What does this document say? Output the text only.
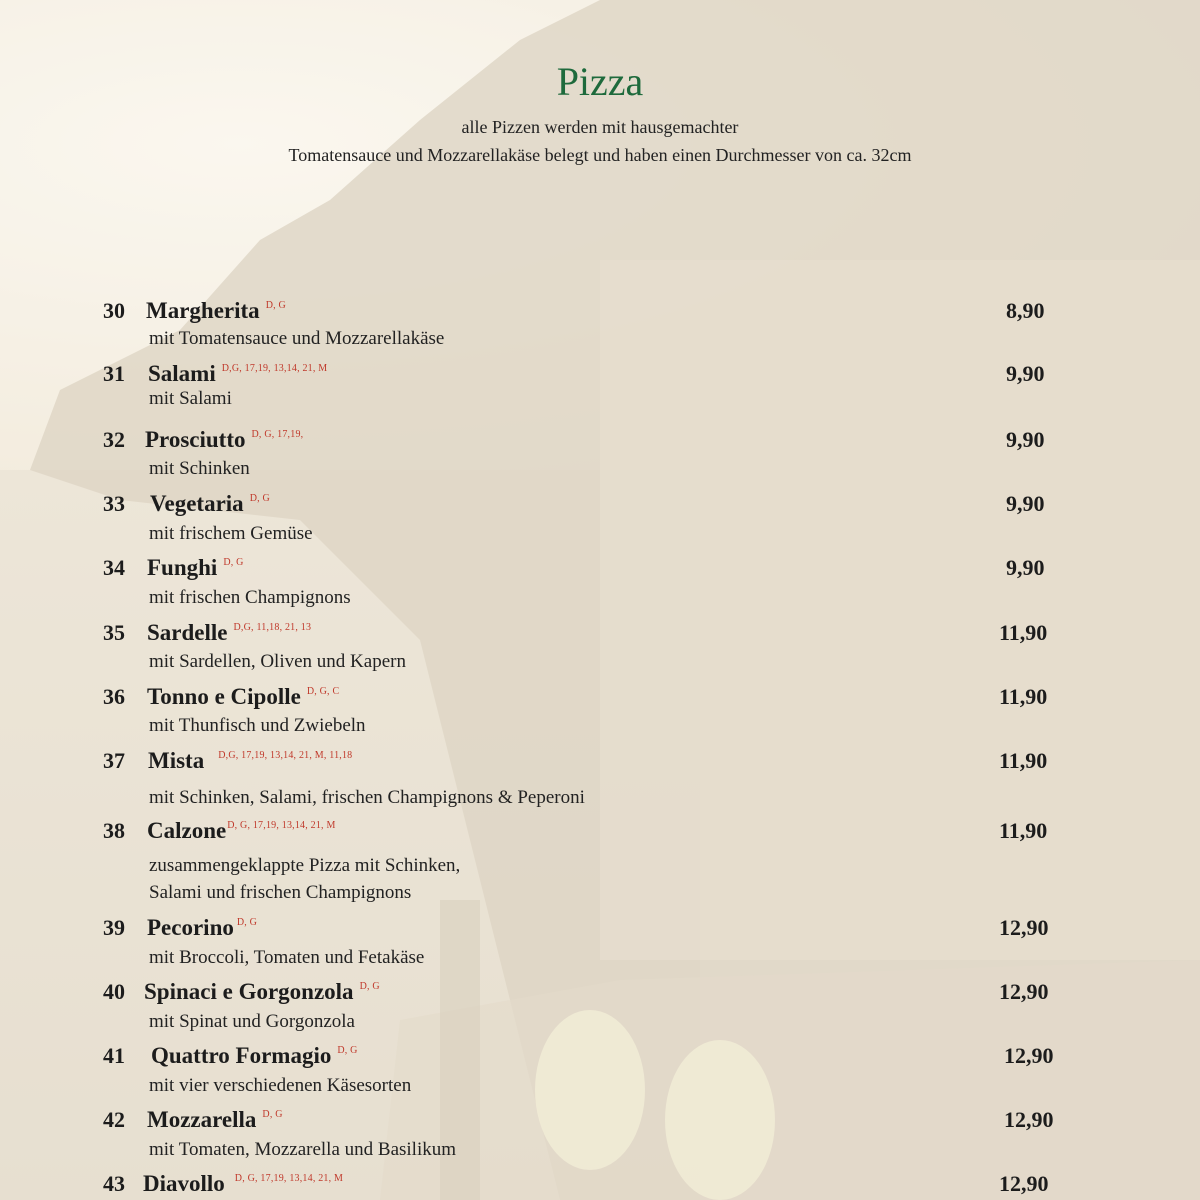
Pizza
alle Pizzen werden mit hausgemachter
Tomatensauce und Mozzarellakäse belegt und haben einen Durchmesser von ca. 32cm
30 Margherita $^{D, G}$	8,90
mit Tomatensauce und Mozzarellakäse
31 Salami $^{D,G, 17,19, 13,14, 21, M}$	9,90
mit Salami
32 Prosciutto $^{D, G, 17,19,}$	9,90
mit Schinken
33 Vegetaria $^{D, G}$	9,90
mit frischem Gemüse
34 Funghi $^{D, G}$	9,90
mit frischen Champignons
35 Sardelle $^{D,G, 11,18, 21, 13}$	11,90
mit Sardellen, Oliven und Kapern
36 Tonno e Cipolle $^{D, G, C}$	11,90
mit Thunfisch und Zwiebeln
37 Mista $^{D,G, 17,19, 13,14, 21, M, 11,18}$	11,90
mit Schinken, Salami, frischen Champignons & Peperoni
38 Calzone$^{D, G, 17,19, 13,14, 21, M}$	11,90
zusammengeklappte Pizza mit Schinken,
Salami und frischen Champignons
39 Pecorino $^{D, G}$	12,90
mit Broccoli, Tomaten und Fetakäse
40 Spinaci e Gorgonzola $^{D, G}$	12,90
mit Spinat und Gorgonzola
41 Quattro Formagio $^{D, G}$	12,90
mit vier verschiedenen Käsesorten
42 Mozzarella $^{D, G}$	12,90
mit Tomaten, Mozzarella und Basilikum
43 Diavollo $^{D, G, 17,19, 13,14, 21, M}$	12,90
